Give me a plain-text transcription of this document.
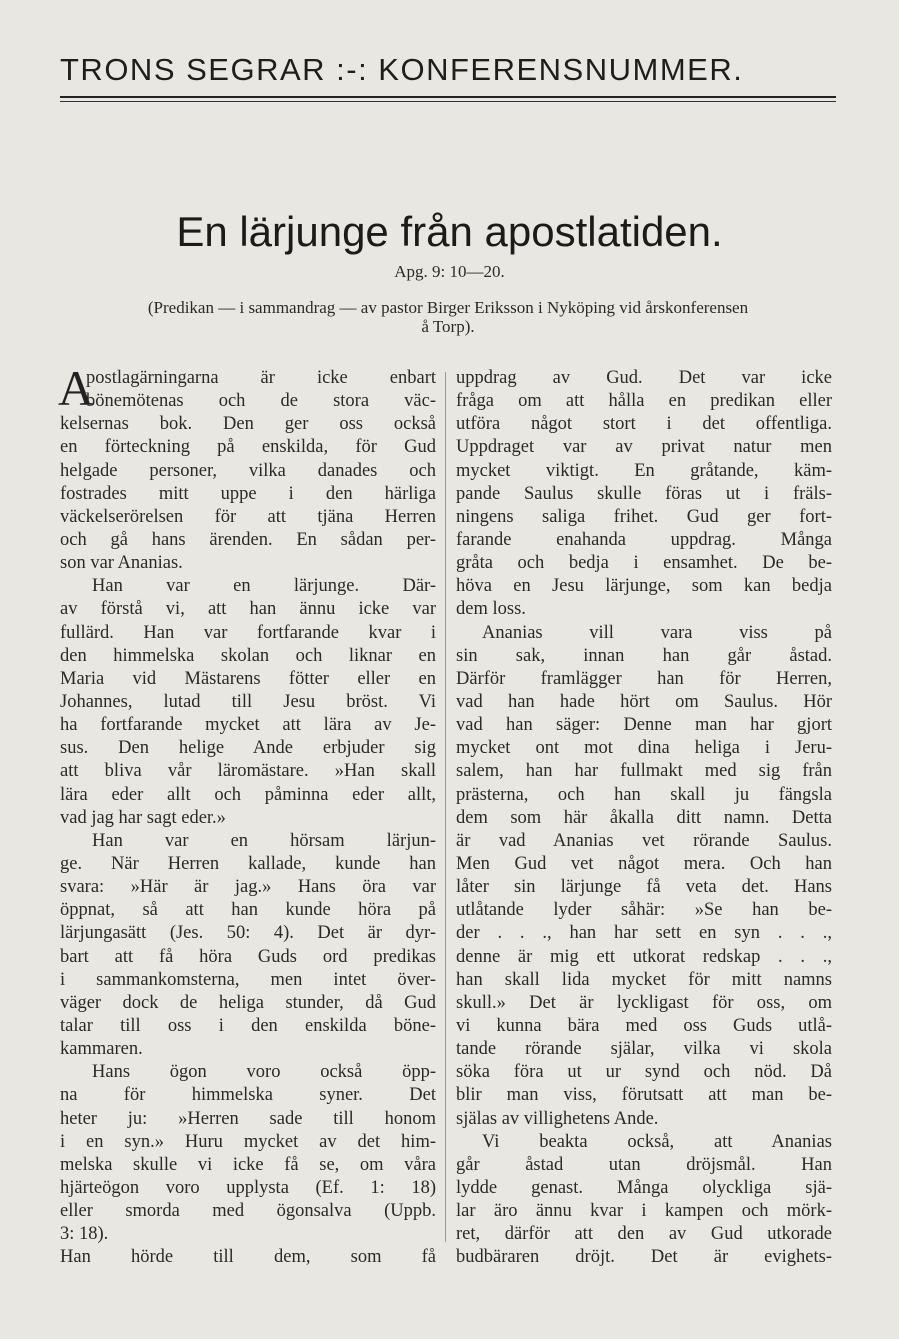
TRONS SEGRAR :-: KONFERENSNUMMER.
En lärjunge från apostlatiden.
Apg. 9: 10—20.
(Predikan — i sammandrag — av pastor Birger Eriksson i Nyköping vid årskonferensen
å Torp).
A
postlagärningarna är icke enbart
bönemötenas och de stora väc-
kelsernas bok. Den ger oss också
en förteckning på enskilda, för Gud
helgade personer, vilka danades och
fostrades mitt uppe i den härliga
väckelserörelsen för att tjäna Herren
och gå hans ärenden. En sådan per-
son var Ananias.
Han var en lärjunge. Där-
av förstå vi, att han ännu icke var
fullärd. Han var fortfarande kvar i
den himmelska skolan och liknar en
Maria vid Mästarens fötter eller en
Johannes, lutad till Jesu bröst. Vi
ha fortfarande mycket att lära av Je-
sus. Den helige Ande erbjuder sig
att bliva vår läromästare. »Han skall
lära eder allt och påminna eder allt,
vad jag har sagt eder.»
Han var en hörsam lärjun-
ge. När Herren kallade, kunde han
svara: »Här är jag.» Hans öra var
öppnat, så att han kunde höra på
lärjungasätt (Jes. 50: 4). Det är dyr-
bart att få höra Guds ord predikas
i sammankomsterna, men intet över-
väger dock de heliga stunder, då Gud
talar till oss i den enskilda böne-
kammaren.
Hans ögon voro också öpp-
na för himmelska syner. Det
heter ju: »Herren sade till honom
i en syn.» Huru mycket av det him-
melska skulle vi icke få se, om våra
hjärteögon voro upplysta (Ef. 1: 18)
eller smorda med ögonsalva (Uppb.
3: 18).
Han hörde till dem, som få
uppdrag av Gud. Det var icke
fråga om att hålla en predikan eller
utföra något stort i det offentliga.
Uppdraget var av privat natur men
mycket viktigt. En gråtande, käm-
pande Saulus skulle föras ut i fräls-
ningens saliga frihet. Gud ger fort-
farande enahanda uppdrag. Många
gråta och bedja i ensamhet. De be-
höva en Jesu lärjunge, som kan bedja
dem loss.
Ananias vill vara viss på
sin sak, innan han går åstad.
Därför framlägger han för Herren,
vad han hade hört om Saulus. Hör
vad han säger: Denne man har gjort
mycket ont mot dina heliga i Jeru-
salem, han har fullmakt med sig från
prästerna, och han skall ju fängsla
dem som här åkalla ditt namn. Detta
är vad Ananias vet rörande Saulus.
Men Gud vet något mera. Och han
låter sin lärjunge få veta det. Hans
utlåtande lyder såhär: »Se han be-
der . . ., han har sett en syn . . .,
denne är mig ett utkorat redskap . . .,
han skall lida mycket för mitt namns
skull.» Det är lyckligast för oss, om
vi kunna bära med oss Guds utlå-
tande rörande själar, vilka vi skola
söka föra ut ur synd och nöd. Då
blir man viss, förutsatt att man be-
själas av villighetens Ande.
Vi beakta också, att Ananias
går åstad utan dröjsmål. Han
lydde genast. Många olyckliga sjä-
lar äro ännu kvar i kampen och mörk-
ret, därför att den av Gud utkorade
budbäraren dröjt. Det är evighets-
